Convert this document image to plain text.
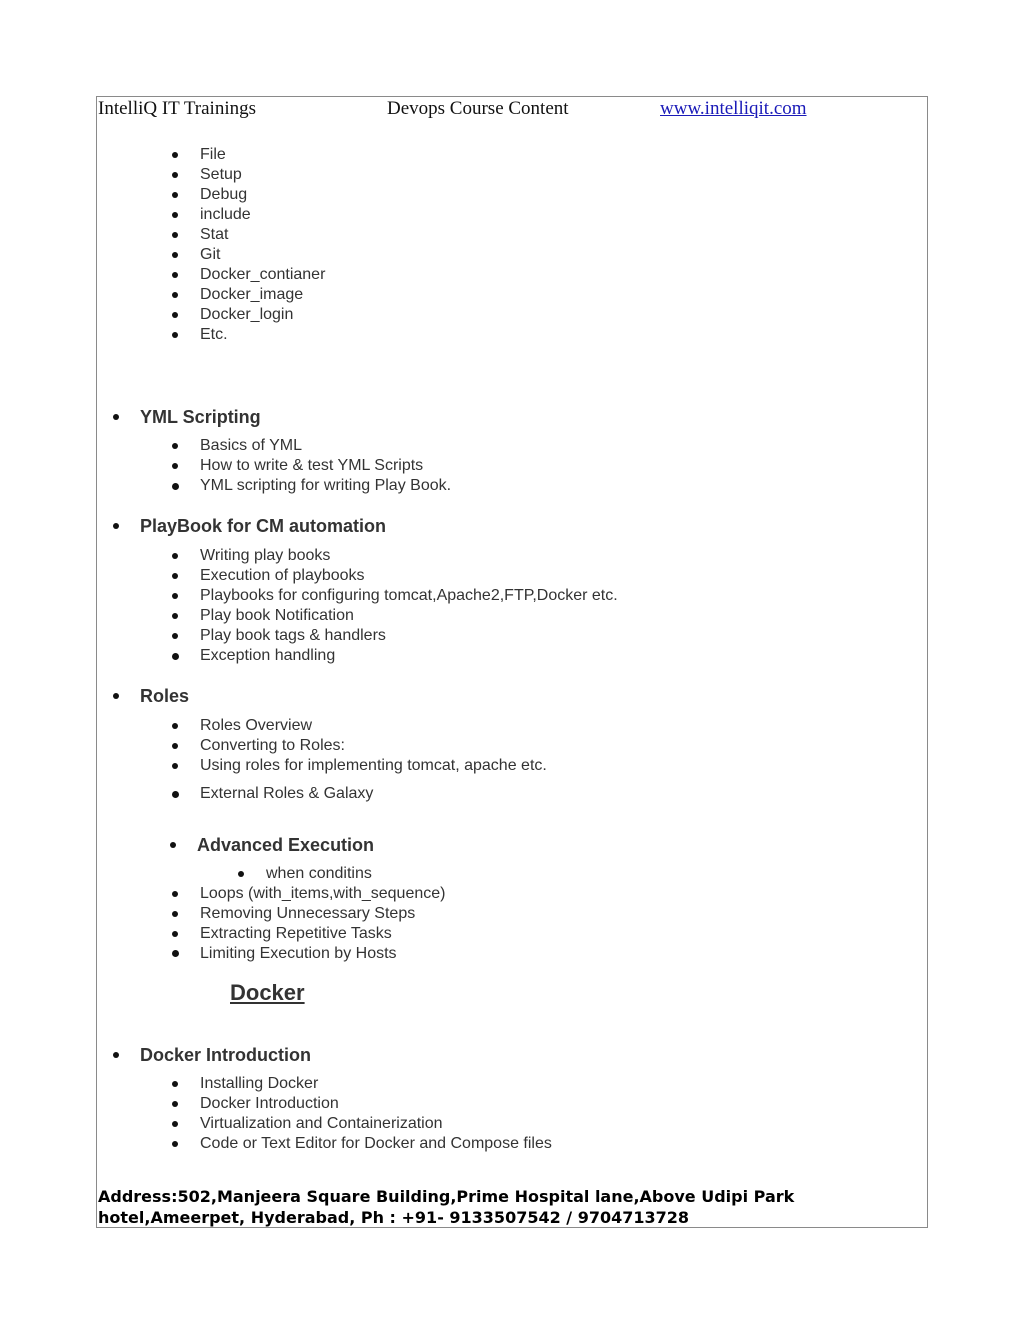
IntelliQ IT Trainings	Devops Course Content	www.intelliqit.com
File
Setup
Debug
include
Stat
Git
Docker_contianer
Docker_image
Docker_login
Etc.
YML Scripting
Basics of YML
How to write & test YML Scripts
YML scripting for writing Play Book.
PlayBook for CM automation
Writing play books
Execution of playbooks
Playbooks for configuring tomcat,Apache2,FTP,Docker etc.
Play book Notification
Play book tags & handlers
Exception handling
Roles
Roles Overview
Converting to Roles:
Using roles for implementing tomcat, apache etc.
External Roles & Galaxy
Advanced Execution
when conditins
Loops (with_items,with_sequence)
Removing Unnecessary Steps
Extracting Repetitive Tasks
Limiting Execution by Hosts
Docker
Docker Introduction
Installing Docker
Docker Introduction
Virtualization and Containerization
Code or Text Editor for Docker and Compose files
Address:502,Manjeera Square Building,Prime Hospital lane,Above Udipi Park
hotel,Ameerpet, Hyderabad, Ph : +91- 9133507542 / 9704713728
